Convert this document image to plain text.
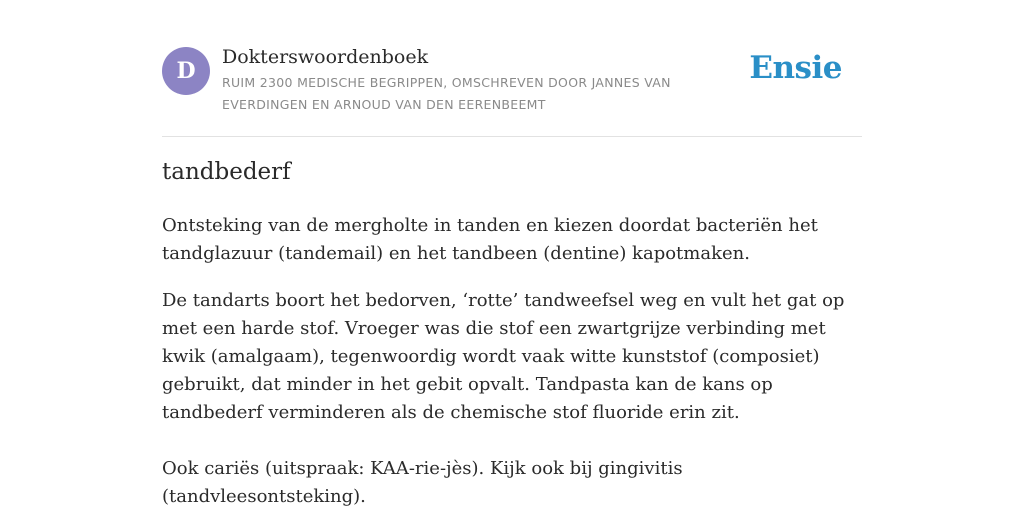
D
Dokterswoordenboek
RUIM 2300 MEDISCHE BEGRIPPEN, OMSCHREVEN DOOR JANNES VAN EVERDINGEN EN ARNOUD VAN DEN EERENBEEMT
Ensie
tandbederf

Ontsteking van de mergholte in tanden en kiezen doordat bacteriën het tandglazuur (tandemail) en het tandbeen (dentine) kapotmaken.

De tandarts boort het bedorven, ‘rotte’ tandweefsel weg en vult het gat op met een harde stof. Vroeger was die stof een zwartgrijze verbinding met kwik (amalgaam), tegenwoordig wordt vaak witte kunststof (composiet) gebruikt, dat minder in het gebit opvalt. Tandpasta kan de kans op tandbederf verminderen als de chemische stof fluoride erin zit.

Ook cariës (uitspraak: KAA-rie-jès). Kijk ook bij gingivitis (tandvleesontsteking).
